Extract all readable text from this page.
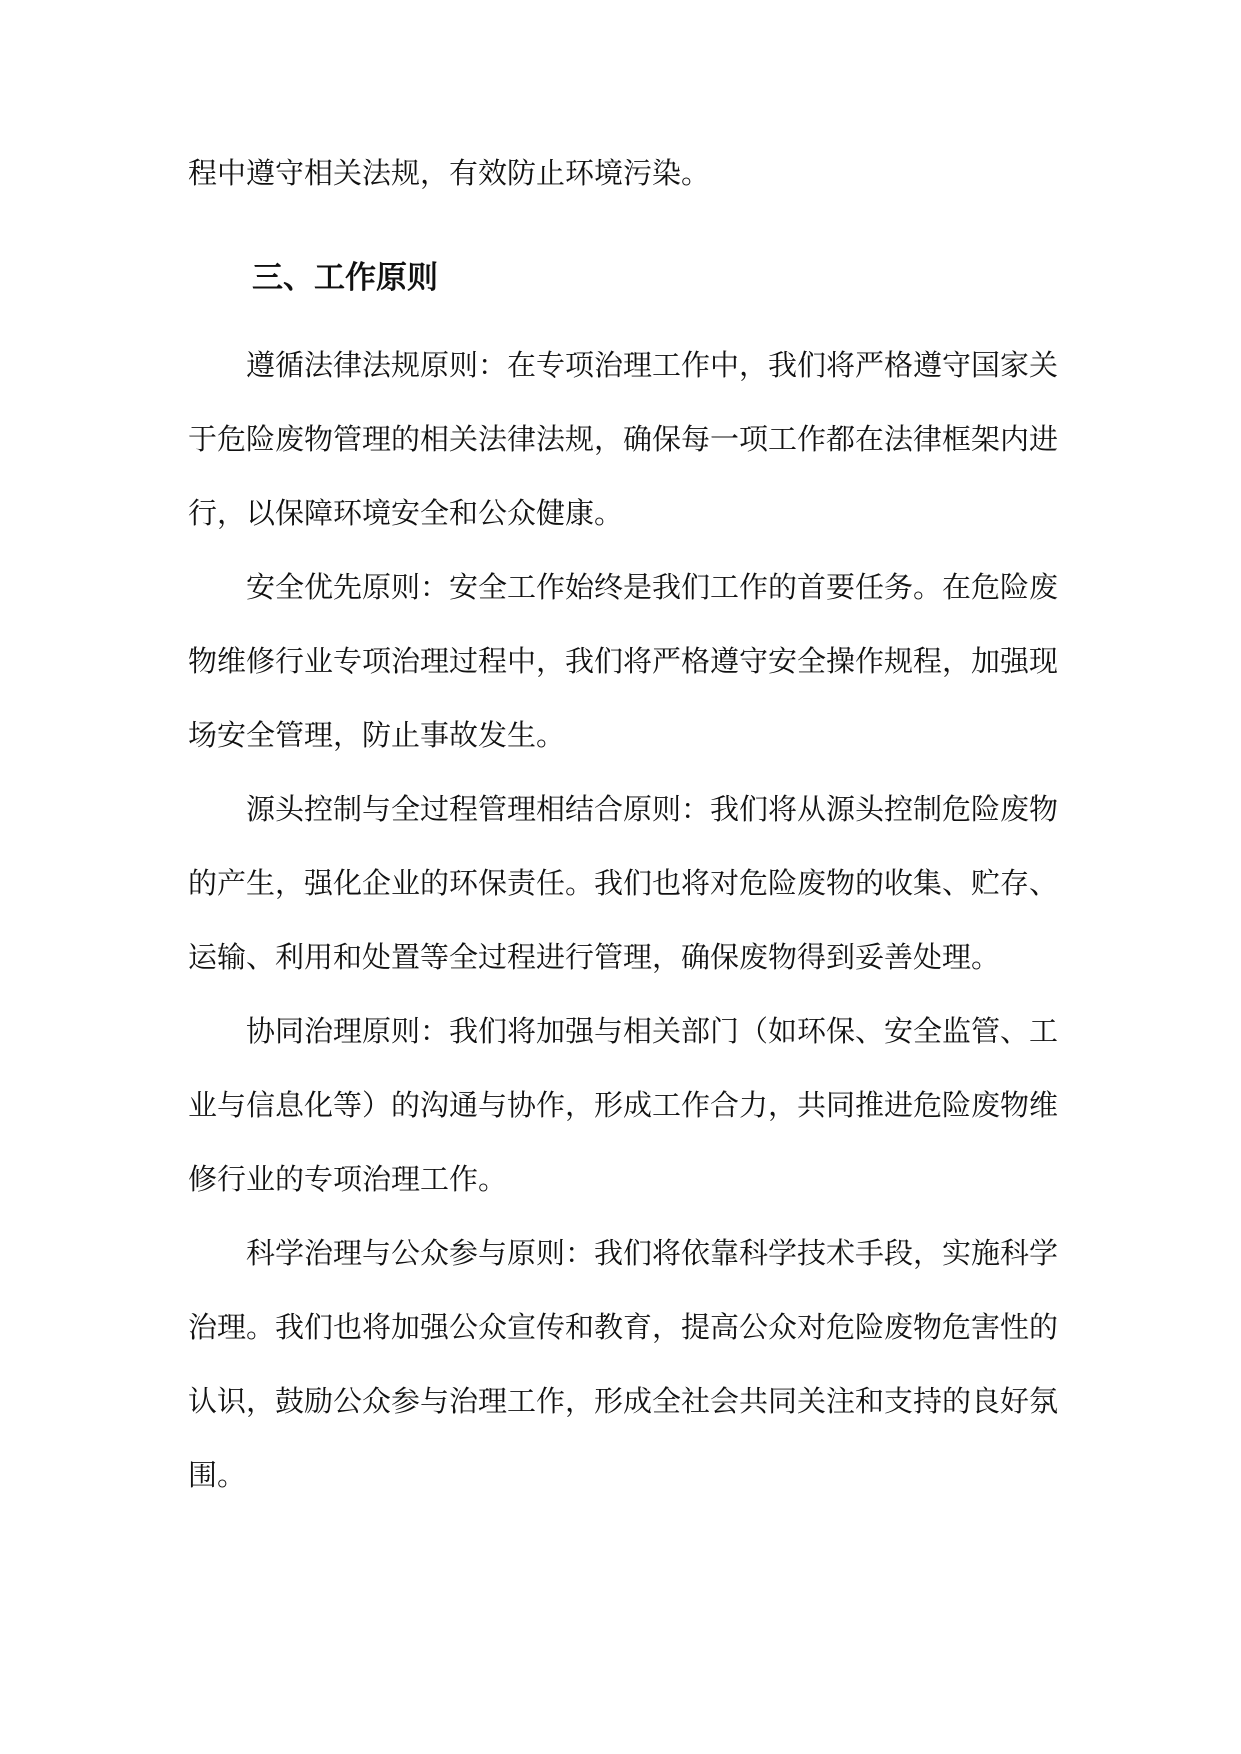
程中遵守相关法规，有效防止环境污染。

三、工作原则

遵循法律法规原则：在专项治理工作中，我们将严格遵守国家关

于危险废物管理的相关法律法规，确保每一项工作都在法律框架内进

行，以保障环境安全和公众健康。

安全优先原则：安全工作始终是我们工作的首要任务。在危险废

物维修行业专项治理过程中，我们将严格遵守安全操作规程，加强现

场安全管理，防止事故发生。

源头控制与全过程管理相结合原则：我们将从源头控制危险废物

的产生，强化企业的环保责任。我们也将对危险废物的收集、贮存、

运输、利用和处置等全过程进行管理，确保废物得到妥善处理。

协同治理原则：我们将加强与相关部门（如环保、安全监管、工

业与信息化等）的沟通与协作，形成工作合力，共同推进危险废物维

修行业的专项治理工作。

科学治理与公众参与原则：我们将依靠科学技术手段，实施科学

治理。我们也将加强公众宣传和教育，提高公众对危险废物危害性的

认识，鼓励公众参与治理工作，形成全社会共同关注和支持的良好氛

围。
